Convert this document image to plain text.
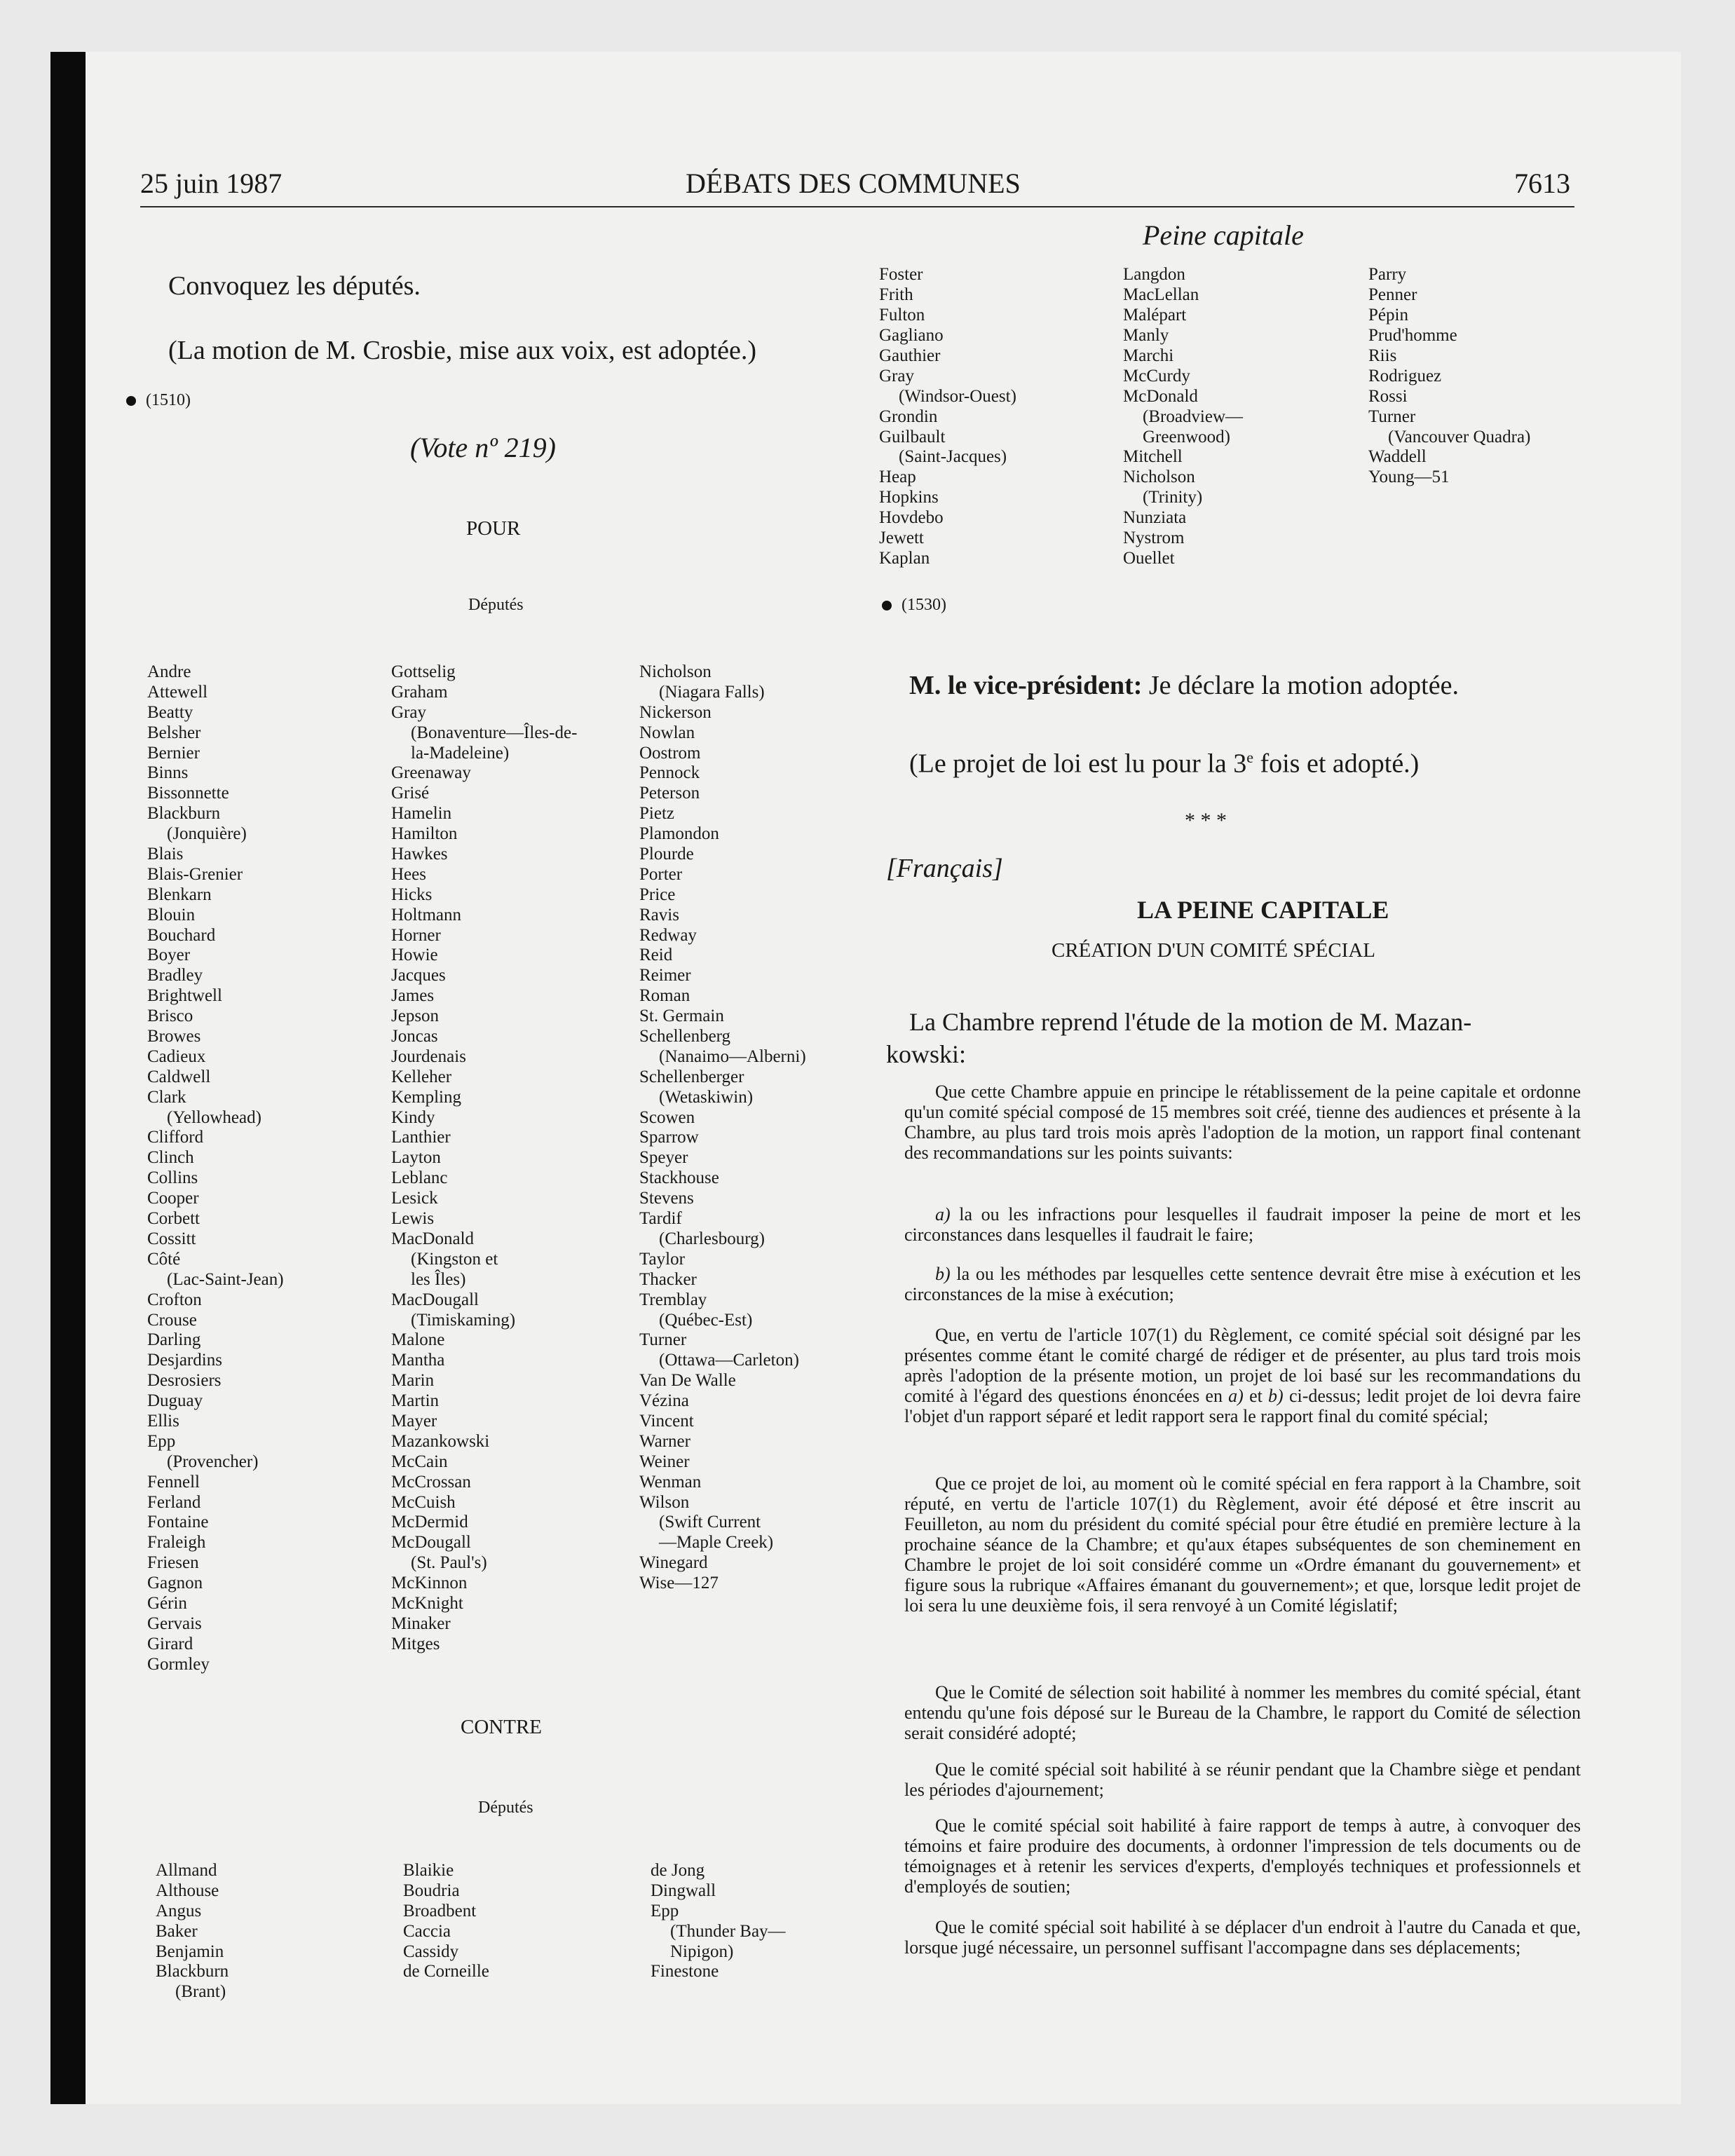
25 juin 1987	DÉBATS DES COMMUNES	7613
Peine capitale
Convoquez les députés.
(La motion de M. Crosbie, mise aux voix, est adoptée.)
(1510)
(Vote nº 219)
POUR
Députés
Andre
Attewell
Beatty
Belsher
Bernier
Binns
Bissonnette
Blackburn
(Jonquière)
Blais
Blais-Grenier
Blenkarn
Blouin
Bouchard
Boyer
Bradley
Brightwell
Brisco
Browes
Cadieux
Caldwell
Clark
(Yellowhead)
Clifford
Clinch
Collins
Cooper
Corbett
Cossitt
Côté
(Lac-Saint-Jean)
Crofton
Crouse
Darling
Desjardins
Desrosiers
Duguay
Ellis
Epp
(Provencher)
Fennell
Ferland
Fontaine
Fraleigh
Friesen
Gagnon
Gérin
Gervais
Girard
Gormley
Gottselig
Graham
Gray
(Bonaventure—Îles-de-
la-Madeleine)
Greenaway
Grisé
Hamelin
Hamilton
Hawkes
Hees
Hicks
Holtmann
Horner
Howie
Jacques
James
Jepson
Joncas
Jourdenais
Kelleher
Kempling
Kindy
Lanthier
Layton
Leblanc
Lesick
Lewis
MacDonald
(Kingston et
les Îles)
MacDougall
(Timiskaming)
Malone
Mantha
Marin
Martin
Mayer
Mazankowski
McCain
McCrossan
McCuish
McDermid
McDougall
(St. Paul's)
McKinnon
McKnight
Minaker
Mitges
Nicholson
(Niagara Falls)
Nickerson
Nowlan
Oostrom
Pennock
Peterson
Pietz
Plamondon
Plourde
Porter
Price
Ravis
Redway
Reid
Reimer
Roman
St. Germain
Schellenberg
(Nanaimo—Alberni)
Schellenberger
(Wetaskiwin)
Scowen
Sparrow
Speyer
Stackhouse
Stevens
Tardif
(Charlesbourg)
Taylor
Thacker
Tremblay
(Québec-Est)
Turner
(Ottawa—Carleton)
Van De Walle
Vézina
Vincent
Warner
Weiner
Wenman
Wilson
(Swift Current
—Maple Creek)
Winegard
Wise—127
CONTRE
Députés
Allmand
Althouse
Angus
Baker
Benjamin
Blackburn
(Brant)
Blaikie
Boudria
Broadbent
Caccia
Cassidy
de Corneille
de Jong
Dingwall
Epp
(Thunder Bay—
Nipigon)
Finestone
Foster
Frith
Fulton
Gagliano
Gauthier
Gray
(Windsor-Ouest)
Grondin
Guilbault
(Saint-Jacques)
Heap
Hopkins
Hovdebo
Jewett
Kaplan
Langdon
MacLellan
Malépart
Manly
Marchi
McCurdy
McDonald
(Broadview—
Greenwood)
Mitchell
Nicholson
(Trinity)
Nunziata
Nystrom
Ouellet
Parry
Penner
Pépin
Prud'homme
Riis
Rodriguez
Rossi
Turner
(Vancouver Quadra)
Waddell
Young—51
(1530)
M. le vice-président: Je déclare la motion adoptée.
(Le projet de loi est lu pour la 3e fois et adopté.)
* * *
[Français]
LA PEINE CAPITALE
CRÉATION D'UN COMITÉ SPÉCIAL
La Chambre reprend l'étude de la motion de M. Mazan-
kowski:

Que cette Chambre appuie en principe le rétablissement de la peine capitale et ordonne qu'un comité spécial composé de 15 membres soit créé, tienne des audiences et présente à la Chambre, au plus tard trois mois après l'adoption de la motion, un rapport final contenant des recommandations sur les points suivants:

a) la ou les infractions pour lesquelles il faudrait imposer la peine de mort et les circonstances dans lesquelles il faudrait le faire;

b) la ou les méthodes par lesquelles cette sentence devrait être mise à exécution et les circonstances de la mise à exécution;

Que, en vertu de l'article 107(1) du Règlement, ce comité spécial soit désigné par les présentes comme étant le comité chargé de rédiger et de présenter, au plus tard trois mois après l'adoption de la présente motion, un projet de loi basé sur les recommandations du comité à l'égard des questions énoncées en a) et b) ci-dessus; ledit projet de loi devra faire l'objet d'un rapport séparé et ledit rapport sera le rapport final du comité spécial;

Que ce projet de loi, au moment où le comité spécial en fera rapport à la Chambre, soit réputé, en vertu de l'article 107(1) du Règlement, avoir été déposé et être inscrit au Feuilleton, au nom du président du comité spécial pour être étudié en première lecture à la prochaine séance de la Chambre; et qu'aux étapes subséquentes de son cheminement en Chambre le projet de loi soit considéré comme un «Ordre émanant du gouvernement» et figure sous la rubrique «Affaires émanant du gouvernement»; et que, lorsque ledit projet de loi sera lu une deuxième fois, il sera renvoyé à un Comité législatif;

Que le Comité de sélection soit habilité à nommer les membres du comité spécial, étant entendu qu'une fois déposé sur le Bureau de la Chambre, le rapport du Comité de sélection serait considéré adopté;

Que le comité spécial soit habilité à se réunir pendant que la Chambre siège et pendant les périodes d'ajournement;

Que le comité spécial soit habilité à faire rapport de temps à autre, à convoquer des témoins et faire produire des documents, à ordonner l'impression de tels documents ou de témoignages et à retenir les services d'experts, d'employés techniques et professionnels et d'employés de soutien;

Que le comité spécial soit habilité à se déplacer d'un endroit à l'autre du Canada et que, lorsque jugé nécessaire, un personnel suffisant l'accompagne dans ses déplacements;
